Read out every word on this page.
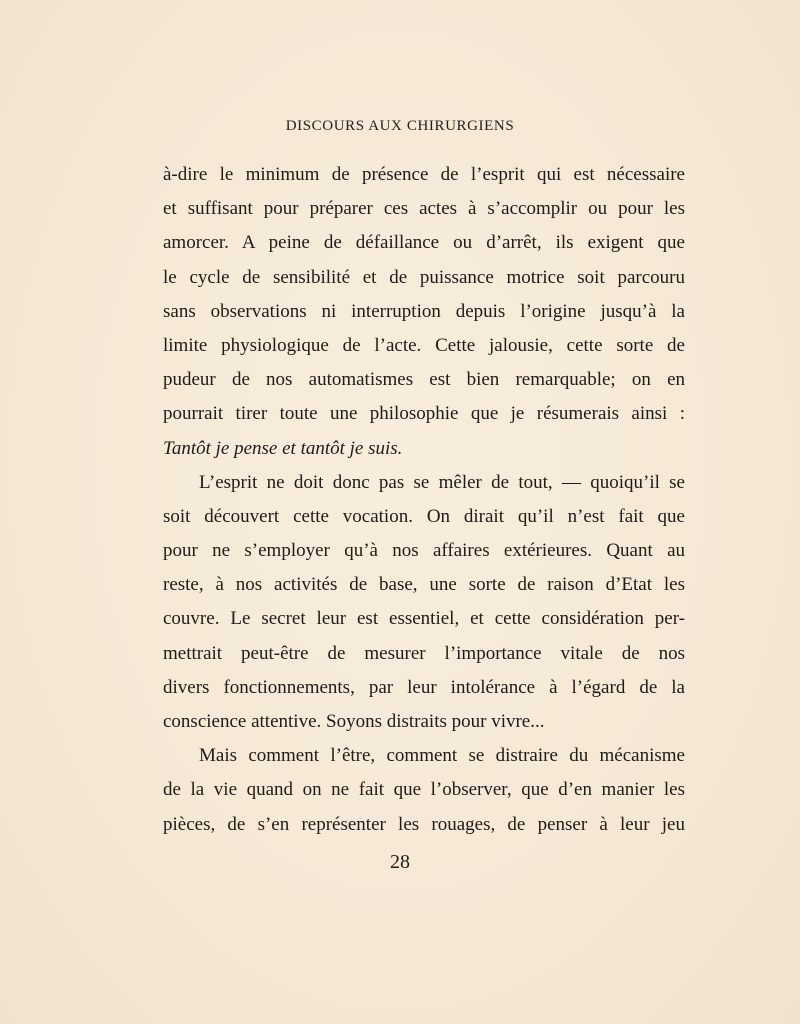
DISCOURS AUX CHIRURGIENS
à-dire le minimum de présence de l’esprit qui est nécessaire
et suffisant pour préparer ces actes à s’accomplir ou pour les
amorcer. A peine de défaillance ou d’arrêt, ils exigent que
le cycle de sensibilité et de puissance motrice soit parcouru
sans observations ni interruption depuis l’origine jusqu’à la
limite physiologique de l’acte. Cette jalousie, cette sorte de
pudeur de nos automatismes est bien remarquable; on en
pourrait tirer toute une philosophie que je résumerais ainsi :
Tantôt je pense et tantôt je suis.
L’esprit ne doit donc pas se mêler de tout, — quoiqu’il se
soit découvert cette vocation. On dirait qu’il n’est fait que
pour ne s’employer qu’à nos affaires extérieures. Quant au
reste, à nos activités de base, une sorte de raison d’Etat les
couvre. Le secret leur est essentiel, et cette considération per-
mettrait peut-être de mesurer l’importance vitale de nos
divers fonctionnements, par leur intolérance à l’égard de la
conscience attentive. Soyons distraits pour vivre...
Mais comment l’être, comment se distraire du mécanisme
de la vie quand on ne fait que l’observer, que d’en manier les
pièces, de s’en représenter les rouages, de penser à leur jeu
28
